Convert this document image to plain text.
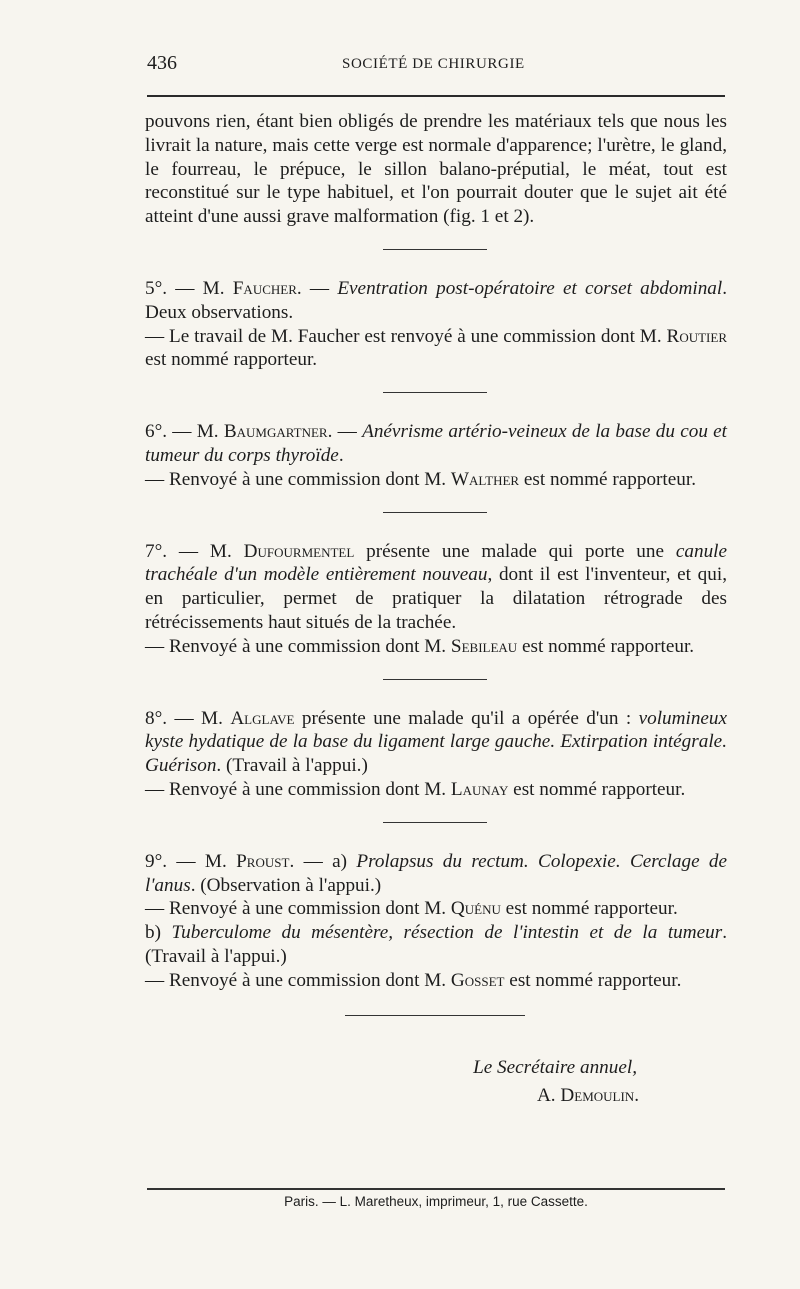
436	SOCIÉTÉ DE CHIRURGIE

pouvons rien, étant bien obligés de prendre les matériaux tels que nous les livrait la nature, mais cette verge est normale d'apparence; l'urètre, le gland, le fourreau, le prépuce, le sillon balano-préputial, le méat, tout est reconstitué sur le type habituel, et l'on pourrait douter que le sujet ait été atteint d'une aussi grave malformation (fig. 1 et 2).

5°. — M. Faucher. — Eventration post-opératoire et corset abdominal. Deux observations.

— Le travail de M. Faucher est renvoyé à une commission dont M. Routier est nommé rapporteur.

6°. — M. Baumgartner. — Anévrisme artério-veineux de la base du cou et tumeur du corps thyroïde.

— Renvoyé à une commission dont M. Walther est nommé rapporteur.

7°. — M. Dufourmentel présente une malade qui porte une canule trachéale d'un modèle entièrement nouveau, dont il est l'inventeur, et qui, en particulier, permet de pratiquer la dilatation rétrograde des rétrécissements haut situés de la trachée.

— Renvoyé à une commission dont M. Sebileau est nommé rapporteur.

8°. — M. Alglave présente une malade qu'il a opérée d'un : volumineux kyste hydatique de la base du ligament large gauche. Extirpation intégrale. Guérison. (Travail à l'appui.)

— Renvoyé à une commission dont M. Launay est nommé rapporteur.

9°. — M. Proust. — a) Prolapsus du rectum. Colopexie. Cerclage de l'anus. (Observation à l'appui.)

— Renvoyé à une commission dont M. Quénu est nommé rapporteur.

b) Tuberculome du mésentère, résection de l'intestin et de la tumeur. (Travail à l'appui.)

— Renvoyé à une commission dont M. Gosset est nommé rapporteur.

Le Secrétaire annuel,
A. Demoulin.
Paris. — L. Maretheux, imprimeur, 1, rue Cassette.
